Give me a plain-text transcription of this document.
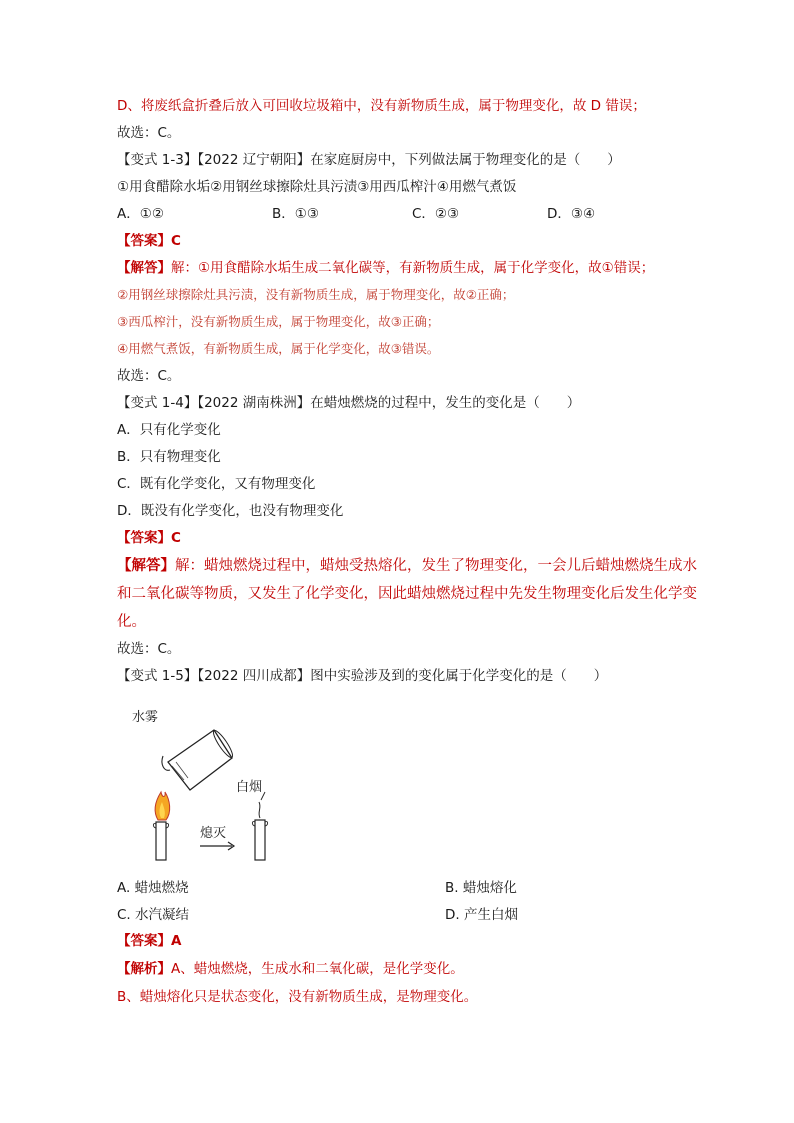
D、将废纸盒折叠后放入可回收垃圾箱中，没有新物质生成，属于物理变化，故 D 错误；
故选：C。
【变式 1-3】【2022 辽宁朝阳】在家庭厨房中，下列做法属于物理变化的是（　　）
①用食醋除水垢②用钢丝球擦除灶具污渍③用西瓜榨汁④用燃气煮饭
A．①②	B．①③	C．②③	D．③④
【答案】C
【解答】解：①用食醋除水垢生成二氧化碳等，有新物质生成，属于化学变化，故①错误；
②用钢丝球擦除灶具污渍，没有新物质生成，属于物理变化，故②正确；
③西瓜榨汁，没有新物质生成，属于物理变化，故③正确；
④用燃气煮饭，有新物质生成，属于化学变化，故③错误。
故选：C。
【变式 1-4】【2022 湖南株洲】在蜡烛燃烧的过程中，发生的变化是（　　）
A．只有化学变化
B．只有物理变化
C．既有化学变化，又有物理变化
D．既没有化学变化，也没有物理变化
【答案】C
【解答】解：蜡烛燃烧过程中，蜡烛受热熔化，发生了物理变化，一会儿后蜡烛燃烧生成水
和二氧化碳等物质，又发生了化学变化，因此蜡烛燃烧过程中先发生物理变化后发生化学变
化。
故选：C。
【变式 1-5】【2022 四川成都】图中实验涉及到的变化属于化学变化的是（　　）
水雾
白烟
熄灭
A. 蜡烛燃烧	B. 蜡烛熔化
C. 水汽凝结	D. 产生白烟
【答案】A
【解析】A、蜡烛燃烧，生成水和二氧化碳，是化学变化。
B、蜡烛熔化只是状态变化，没有新物质生成，是物理变化。
